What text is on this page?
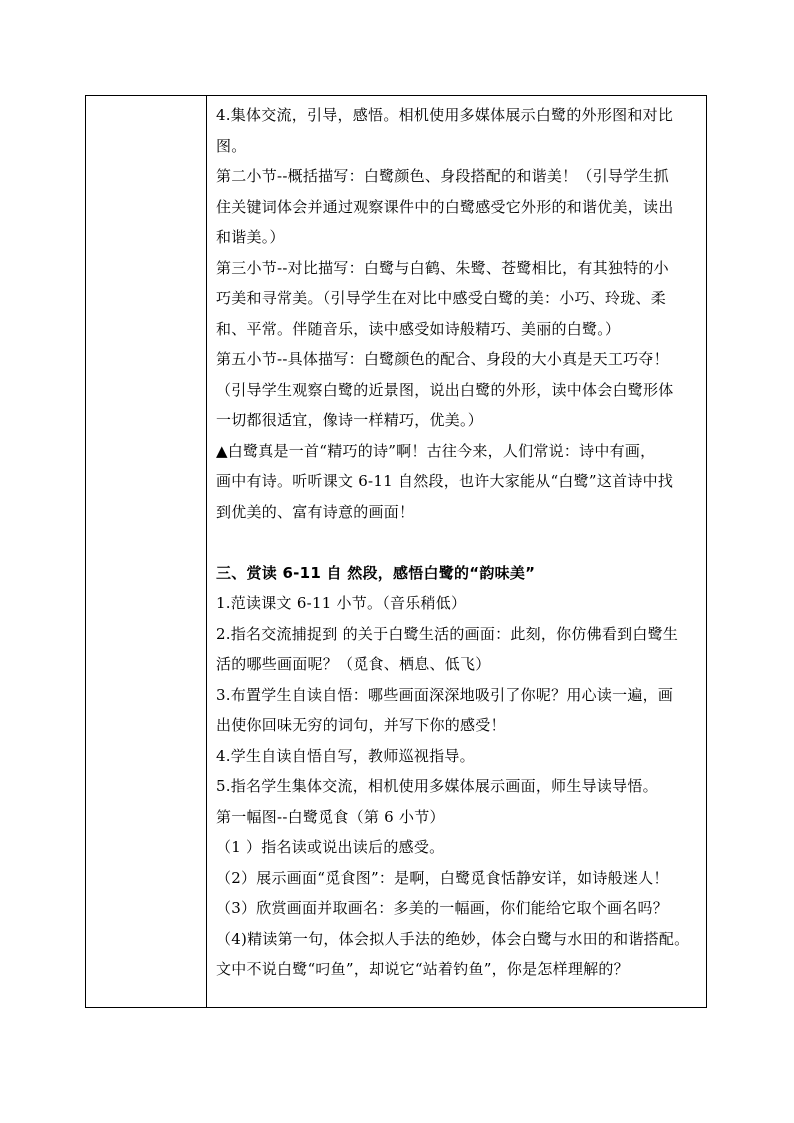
4.集体交流，引导，感悟。相机使用多媒体展示白鹭的外形图和对比
图。
第二小节--概括描写：白鹭颜色、身段搭配的和谐美！（引导学生抓
住关键词体会并通过观察课件中的白鹭感受它外形的和谐优美，读出
和谐美。）
第三小节--对比描写：白鹭与白鹤、朱鹭、苍鹭相比，有其独特的小
巧美和寻常美。（引导学生在对比中感受白鹭的美：小巧、玲珑、柔
和、平常。伴随音乐，读中感受如诗般精巧、美丽的白鹭。）
第五小节--具体描写：白鹭颜色的配合、身段的大小真是天工巧夺！
（引导学生观察白鹭的近景图，说出白鹭的外形，读中体会白鹭形体
一切都很适宜，像诗一样精巧，优美。）
▲白鹭真是一首“精巧的诗”啊！古往今来，人们常说：诗中有画，
画中有诗。听听课文 6-11 自然段，也许大家能从“白鹭”这首诗中找
到优美的、富有诗意的画面！
三、赏读 6-11 自 然段，感悟白鹭的“韵味美”
1.范读课文 6-11 小节。（音乐稍低）
2.指名交流捕捉到 的关于白鹭生活的画面：此刻，你仿佛看到白鹭生
活的哪些画面呢？（觅食、栖息、低飞）
3.布置学生自读自悟：哪些画面深深地吸引了你呢？用心读一遍，画
出使你回味无穷的词句，并写下你的感受！
4.学生自读自悟自写，教师巡视指导。
5.指名学生集体交流，相机使用多媒体展示画面，师生导读导悟。
第一幅图--白鹭觅食（第 6 小节）
（1 ）指名读或说出读后的感受。
（2）展示画面“觅食图”：是啊，白鹭觅食恬静安详，如诗般迷人！
（3）欣赏画面并取画名：多美的一幅画，你们能给它取个画名吗？
（4)精读第一句，体会拟人手法的绝妙，体会白鹭与水田的和谐搭配。
文中不说白鹭“叼鱼”，却说它“站着钓鱼”，你是怎样理解的？
